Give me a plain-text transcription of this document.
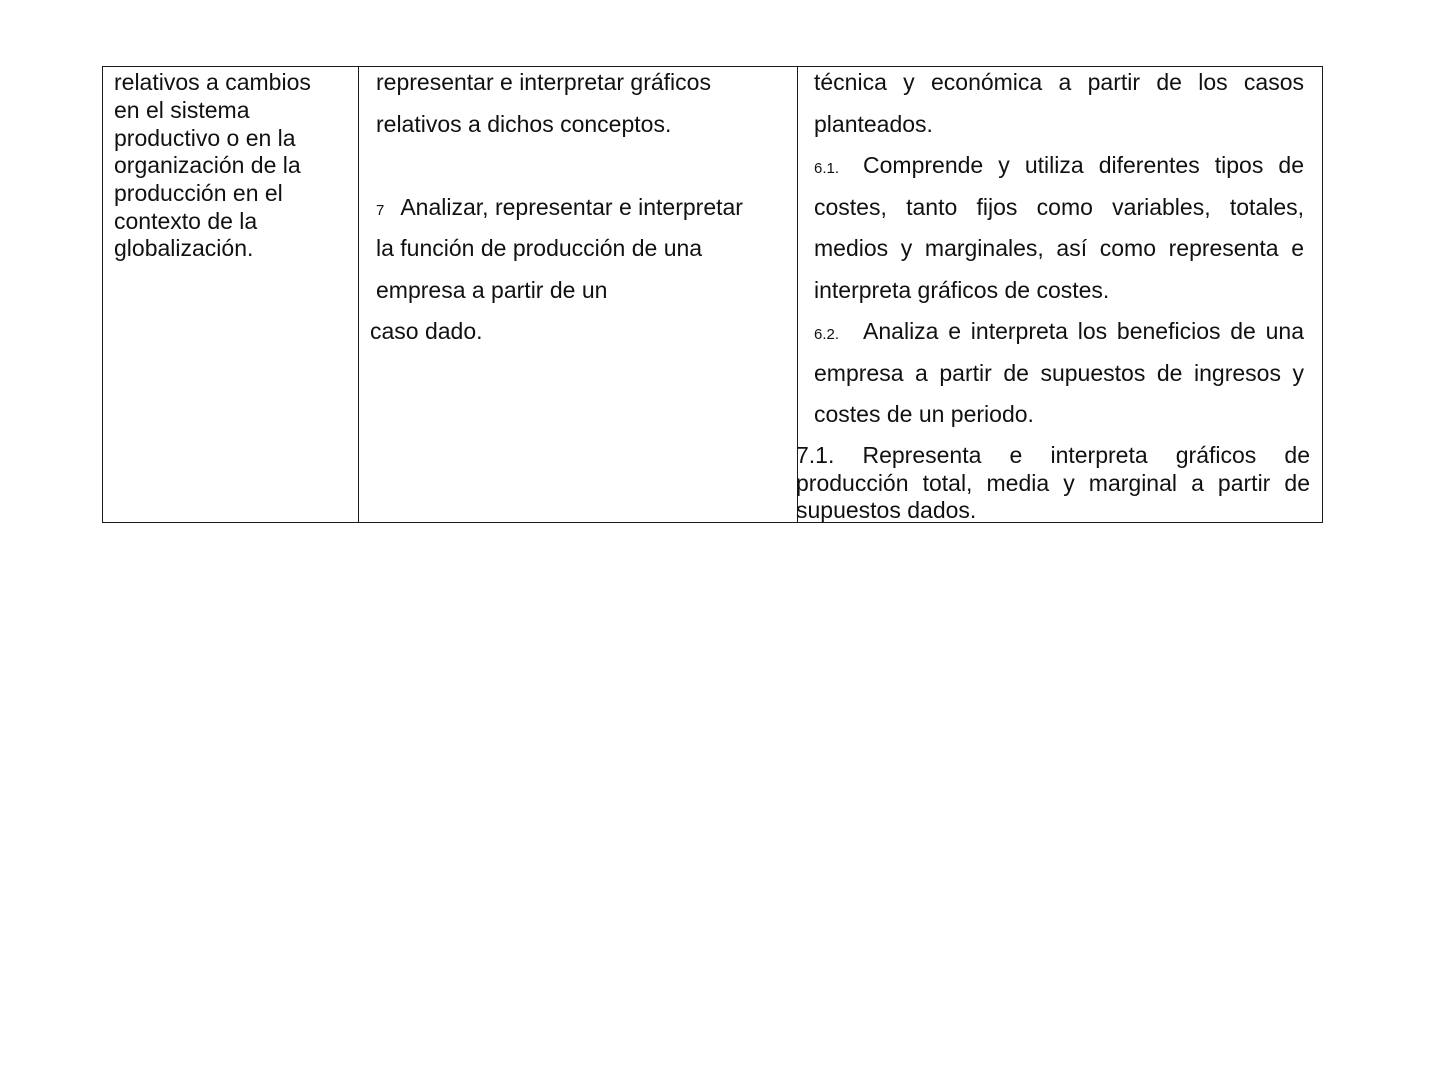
relativos a cambios
en el sistema
productivo o en la
organización de la
producción en el
contexto de la
globalización.
representar e interpretar gráficos
relativos a dichos conceptos.
7 Analizar, representar e interpretar
la función de producción de una
empresa a partir de un
caso dado.
técnica y económica a partir de los casos
planteados.
6.1. Comprende y utiliza diferentes tipos de
costes, tanto fijos como variables, totales,
medios y marginales, así como representa e
interpreta gráficos de costes.
6.2. Analiza e interpreta los beneficios de una
empresa a partir de supuestos de ingresos y
costes de un periodo.
7.1. Representa e interpreta gráficos de
producción total, media y marginal a partir de
supuestos dados.
